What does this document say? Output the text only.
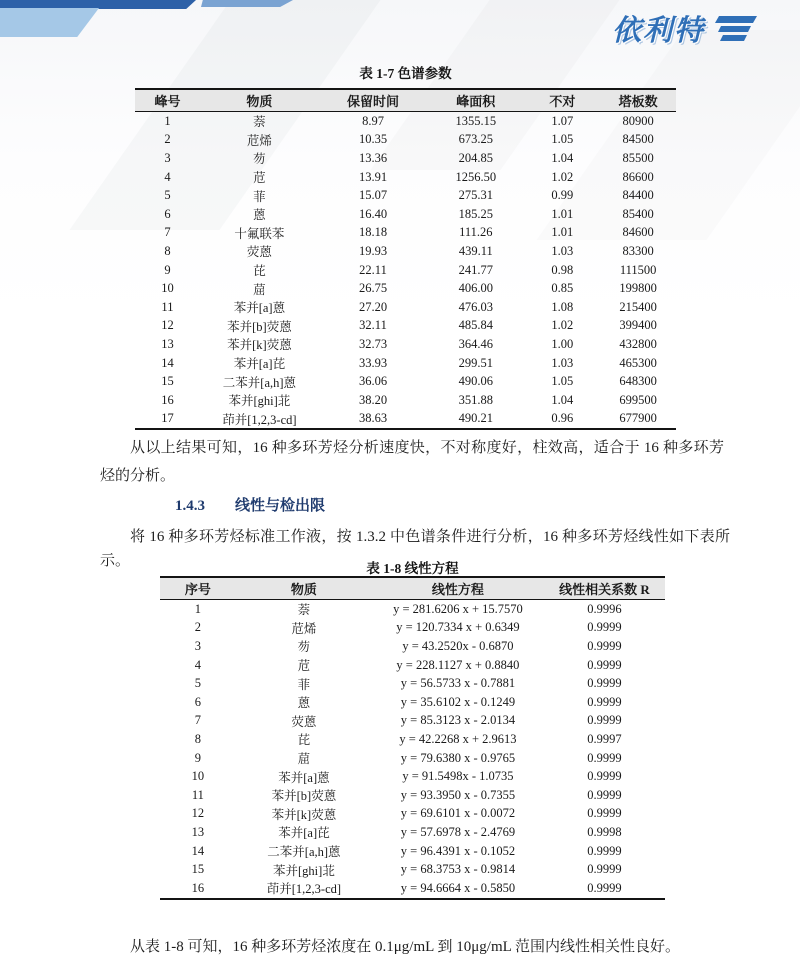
依利特
表 1-7 色谱参数
峰号	物质	保留时间	峰面积	不对	塔板数
1	萘	8.97	1355.15	1.07	80900
2	苊烯	10.35	673.25	1.05	84500
3	芴	13.36	204.85	1.04	85500
4	苊	13.91	1256.50	1.02	86600
5	菲	15.07	275.31	0.99	84400
6	蒽	16.40	185.25	1.01	85400
7	十氟联苯	18.18	111.26	1.01	84600
8	荧蒽	19.93	439.11	1.03	83300
9	芘	22.11	241.77	0.98	111500
10	䓛	26.75	406.00	0.85	199800
11	苯并[a]蒽	27.20	476.03	1.08	215400
12	苯并[b]荧蒽	32.11	485.84	1.02	399400
13	苯并[k]荧蒽	32.73	364.46	1.00	432800
14	苯并[a]芘	33.93	299.51	1.03	465300
15	二苯并[a,h]蒽	36.06	490.06	1.05	648300
16	苯并[ghi]苝	38.20	351.88	1.04	699500
17	茚并[1,2,3-cd]	38.63	490.21	0.96	677900

从以上结果可知，16 种多环芳烃分析速度快，不对称度好，柱效高，适合于 16 种多环芳烃的分析。

1.4.3 线性与检出限

将 16 种多环芳烃标准工作液，按 1.3.2 中色谱条件进行分析，16 种多环芳烃线性如下表所示。	表 1-8 线性方程
序号	物质	线性方程	线性相关系数 R
1	萘	y = 281.6206 x + 15.7570	0.9996
2	苊烯	y = 120.7334 x + 0.6349	0.9999
3	芴	y = 43.2520x - 0.6870	0.9999
4	苊	y = 228.1127 x + 0.8840	0.9999
5	菲	y = 56.5733 x - 0.7881	0.9999
6	蒽	y = 35.6102 x - 0.1249	0.9999
7	荧蒽	y = 85.3123 x - 2.0134	0.9999
8	芘	y = 42.2268 x + 2.9613	0.9997
9	䓛	y = 79.6380 x - 0.9765	0.9999
10	苯并[a]蒽	y = 91.5498x - 1.0735	0.9999
11	苯并[b]荧蒽	y = 93.3950 x - 0.7355	0.9999
12	苯并[k]荧蒽	y = 69.6101 x - 0.0072	0.9999
13	苯并[a]芘	y = 57.6978 x - 2.4769	0.9998
14	二苯并[a,h]蒽	y = 96.4391 x - 0.1052	0.9999
15	苯并[ghi]苝	y = 68.3753 x - 0.9814	0.9999
16	茚并[1,2,3-cd]	y = 94.6664 x - 0.5850	0.9999

从表 1-8 可知，16 种多环芳烃浓度在 0.1μg/mL 到 10μg/mL 范围内线性相关性良好。
